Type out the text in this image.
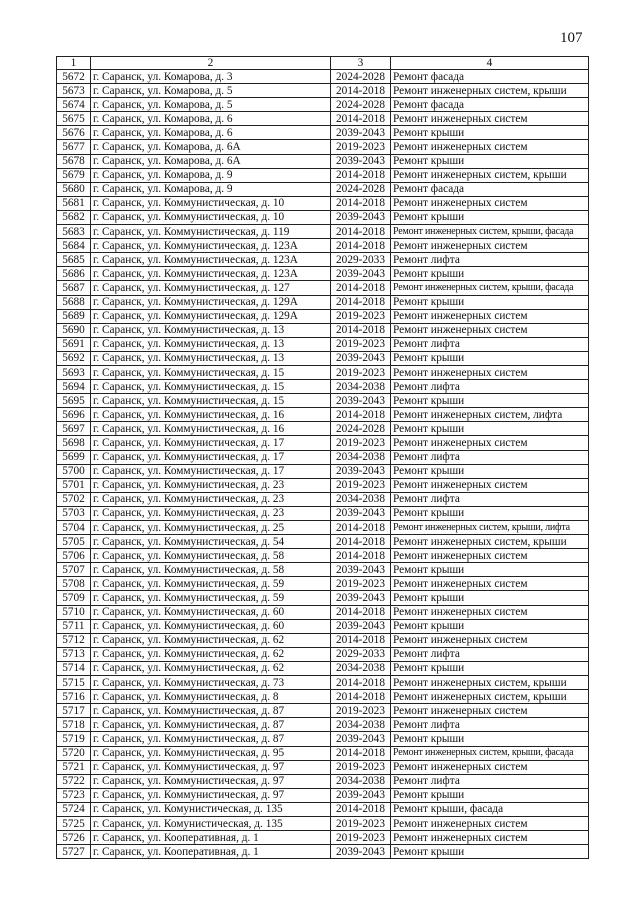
107
1	2	3	4
5672	г. Саранск, ул. Комарова, д. 3	2024-2028	Ремонт фасада
5673	г. Саранск, ул. Комарова, д. 5	2014-2018	Ремонт инженерных систем, крыши
5674	г. Саранск, ул. Комарова, д. 5	2024-2028	Ремонт фасада
5675	г. Саранск, ул. Комарова, д. 6	2014-2018	Ремонт инженерных систем
5676	г. Саранск, ул. Комарова, д. 6	2039-2043	Ремонт крыши
5677	г. Саранск, ул. Комарова, д. 6А	2019-2023	Ремонт инженерных систем
5678	г. Саранск, ул. Комарова, д. 6А	2039-2043	Ремонт крыши
5679	г. Саранск, ул. Комарова, д. 9	2014-2018	Ремонт инженерных систем, крыши
5680	г. Саранск, ул. Комарова, д. 9	2024-2028	Ремонт фасада
5681	г. Саранск, ул. Коммунистическая, д. 10	2014-2018	Ремонт инженерных систем
5682	г. Саранск, ул. Коммунистическая, д. 10	2039-2043	Ремонт крыши
5683	г. Саранск, ул. Коммунистическая, д. 119	2014-2018	Ремонт инженерных систем, крыши, фасада
5684	г. Саранск, ул. Коммунистическая, д. 123А	2014-2018	Ремонт инженерных систем
5685	г. Саранск, ул. Коммунистическая, д. 123А	2029-2033	Ремонт лифта
5686	г. Саранск, ул. Коммунистическая, д. 123А	2039-2043	Ремонт крыши
5687	г. Саранск, ул. Коммунистическая, д. 127	2014-2018	Ремонт инженерных систем, крыши, фасада
5688	г. Саранск, ул. Коммунистическая, д. 129А	2014-2018	Ремонт крыши
5689	г. Саранск, ул. Коммунистическая, д. 129А	2019-2023	Ремонт инженерных систем
5690	г. Саранск, ул. Коммунистическая, д. 13	2014-2018	Ремонт инженерных систем
5691	г. Саранск, ул. Коммунистическая, д. 13	2019-2023	Ремонт лифта
5692	г. Саранск, ул. Коммунистическая, д. 13	2039-2043	Ремонт крыши
5693	г. Саранск, ул. Коммунистическая, д. 15	2019-2023	Ремонт инженерных систем
5694	г. Саранск, ул. Коммунистическая, д. 15	2034-2038	Ремонт лифта
5695	г. Саранск, ул. Коммунистическая, д. 15	2039-2043	Ремонт крыши
5696	г. Саранск, ул. Коммунистическая, д. 16	2014-2018	Ремонт инженерных систем, лифта
5697	г. Саранск, ул. Коммунистическая, д. 16	2024-2028	Ремонт крыши
5698	г. Саранск, ул. Коммунистическая, д. 17	2019-2023	Ремонт инженерных систем
5699	г. Саранск, ул. Коммунистическая, д. 17	2034-2038	Ремонт лифта
5700	г. Саранск, ул. Коммунистическая, д. 17	2039-2043	Ремонт крыши
5701	г. Саранск, ул. Коммунистическая, д. 23	2019-2023	Ремонт инженерных систем
5702	г. Саранск, ул. Коммунистическая, д. 23	2034-2038	Ремонт лифта
5703	г. Саранск, ул. Коммунистическая, д. 23	2039-2043	Ремонт крыши
5704	г. Саранск, ул. Коммунистическая, д. 25	2014-2018	Ремонт инженерных систем, крыши, лифта
5705	г. Саранск, ул. Коммунистическая, д. 54	2014-2018	Ремонт инженерных систем, крыши
5706	г. Саранск, ул. Коммунистическая, д. 58	2014-2018	Ремонт инженерных систем
5707	г. Саранск, ул. Коммунистическая, д. 58	2039-2043	Ремонт крыши
5708	г. Саранск, ул. Коммунистическая, д. 59	2019-2023	Ремонт инженерных систем
5709	г. Саранск, ул. Коммунистическая, д. 59	2039-2043	Ремонт крыши
5710	г. Саранск, ул. Коммунистическая, д. 60	2014-2018	Ремонт инженерных систем
5711	г. Саранск, ул. Коммунистическая, д. 60	2039-2043	Ремонт крыши
5712	г. Саранск, ул. Коммунистическая, д. 62	2014-2018	Ремонт инженерных систем
5713	г. Саранск, ул. Коммунистическая, д. 62	2029-2033	Ремонт лифта
5714	г. Саранск, ул. Коммунистическая, д. 62	2034-2038	Ремонт крыши
5715	г. Саранск, ул. Коммунистическая, д. 73	2014-2018	Ремонт инженерных систем, крыши
5716	г. Саранск, ул. Коммунистическая, д. 8	2014-2018	Ремонт инженерных систем, крыши
5717	г. Саранск, ул. Коммунистическая, д. 87	2019-2023	Ремонт инженерных систем
5718	г. Саранск, ул. Коммунистическая, д. 87	2034-2038	Ремонт лифта
5719	г. Саранск, ул. Коммунистическая, д. 87	2039-2043	Ремонт крыши
5720	г. Саранск, ул. Коммунистическая, д. 95	2014-2018	Ремонт инженерных систем, крыши, фасада
5721	г. Саранск, ул. Коммунистическая, д. 97	2019-2023	Ремонт инженерных систем
5722	г. Саранск, ул. Коммунистическая, д. 97	2034-2038	Ремонт лифта
5723	г. Саранск, ул. Коммунистическая, д. 97	2039-2043	Ремонт крыши
5724	г. Саранск, ул. Комунистическая, д. 135	2014-2018	Ремонт крыши, фасада
5725	г. Саранск, ул. Комунистическая, д. 135	2019-2023	Ремонт инженерных систем
5726	г. Саранск, ул. Кооперативная, д. 1	2019-2023	Ремонт инженерных систем
5727	г. Саранск, ул. Кооперативная, д. 1	2039-2043	Ремонт крыши
